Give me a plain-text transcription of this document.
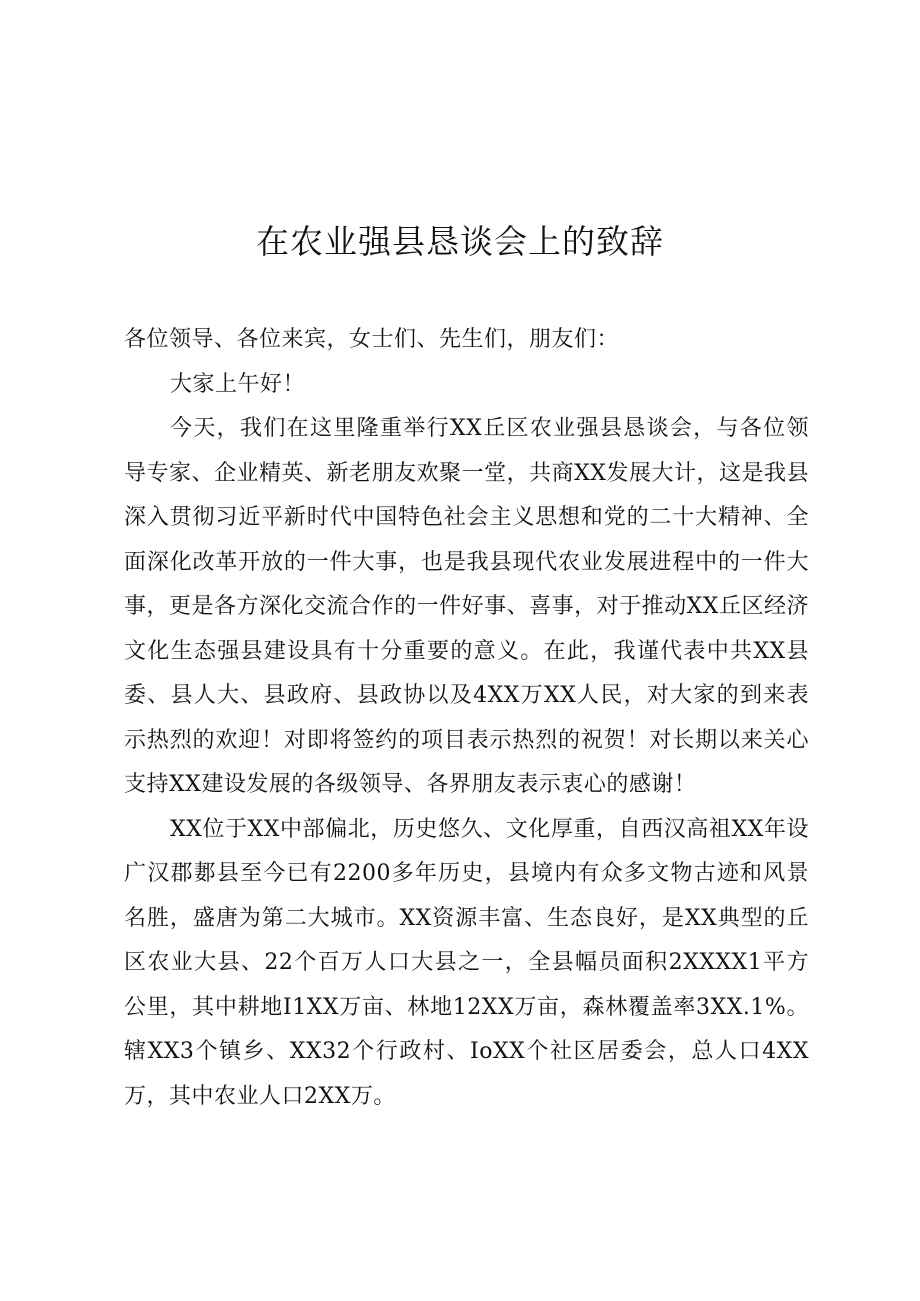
在农业强县恳谈会上的致辞

各位领导、各位来宾，女士们、先生们，朋友们：

大家上午好！

今天，我们在这里隆重举行XX丘区农业强县恳谈会，与各位领导专家、企业精英、新老朋友欢聚一堂，共商XX发展大计，这是我县深入贯彻习近平新时代中国特色社会主义思想和党的二十大精神、全面深化改革开放的一件大事，也是我县现代农业发展进程中的一件大事，更是各方深化交流合作的一件好事、喜事，对于推动XX丘区经济文化生态强县建设具有十分重要的意义。在此，我谨代表中共XX县委、县人大、县政府、县政协以及4XX万XX人民，对大家的到来表示热烈的欢迎！对即将签约的项目表示热烈的祝贺！对长期以来关心支持XX建设发展的各级领导、各界朋友表示衷心的感谢！

XX位于XX中部偏北，历史悠久、文化厚重，自西汉高祖XX年设广汉郡郪县至今已有2200多年历史，县境内有众多文物古迹和风景名胜，盛唐为第二大城市。XX资源丰富、生态良好，是XX典型的丘区农业大县、22个百万人口大县之一，全县幅员面积2XXXX1平方公里，其中耕地I1XX万亩、林地12XX万亩，森林覆盖率3XX.1%。辖XX3个镇乡、XX32个行政村、IoXX个社区居委会，总人口4XX万，其中农业人口2XX万。
